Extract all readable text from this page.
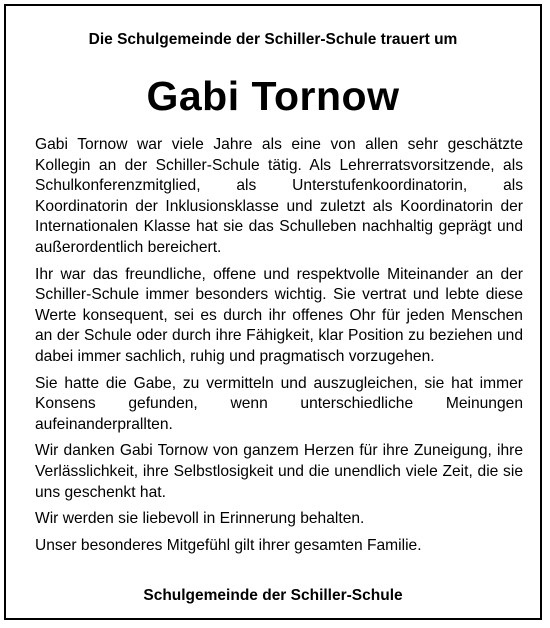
Die Schulgemeinde der Schiller-Schule trauert um
Gabi Tornow

Gabi Tornow war viele Jahre als eine von allen sehr geschätzte Kollegin an der Schiller-Schule tätig. Als Lehrerratsvorsitzende, als Schulkonferenzmitglied, als Unterstufenkoordinatorin, als Koordinatorin der Inklusionsklasse und zuletzt als Koordinatorin der Internationalen Klasse hat sie das Schulleben nachhaltig geprägt und außerordentlich bereichert.

Ihr war das freundliche, offene und respektvolle Miteinander an der Schiller-Schule immer besonders wichtig. Sie vertrat und lebte diese Werte konsequent, sei es durch ihr offenes Ohr für jeden Menschen an der Schule oder durch ihre Fähigkeit, klar Position zu beziehen und dabei immer sachlich, ruhig und pragmatisch vorzugehen.

Sie hatte die Gabe, zu vermitteln und auszugleichen, sie hat immer Konsens gefunden, wenn unterschiedliche Meinungen aufeinanderprallten.

Wir danken Gabi Tornow von ganzem Herzen für ihre Zuneigung, ihre Verlässlichkeit, ihre Selbstlosigkeit und die unendlich viele Zeit, die sie uns geschenkt hat.

Wir werden sie liebevoll in Erinnerung behalten.

Unser besonderes Mitgefühl gilt ihrer gesamten Familie.

Schulgemeinde der Schiller-Schule
